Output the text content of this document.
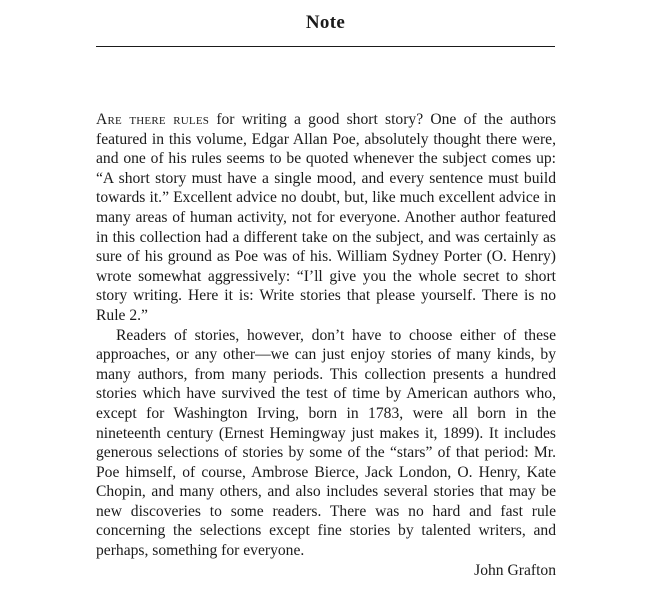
Note

Are there rules for writing a good short story? One of the authors featured in this volume, Edgar Allan Poe, absolutely thought there were, and one of his rules seems to be quoted whenever the subject comes up: “A short story must have a single mood, and every sentence must build towards it.” Excellent advice no doubt, but, like much excellent advice in many areas of human activity, not for everyone. Another author featured in this collection had a different take on the subject, and was certainly as sure of his ground as Poe was of his. William Sydney Porter (O. Henry) wrote somewhat aggressively: “I’ll give you the whole secret to short story writing. Here it is: Write stories that please yourself. There is no Rule 2.”

Readers of stories, however, don’t have to choose either of these approaches, or any other—we can just enjoy stories of many kinds, by many authors, from many periods. This collection presents a hundred stories which have survived the test of time by American authors who, except for Washington Irving, born in 1783, were all born in the nineteenth century (Ernest Hemingway just makes it, 1899). It includes generous selections of stories by some of the “stars” of that period: Mr. Poe himself, of course, Ambrose Bierce, Jack London, O. Henry, Kate Chopin, and many others, and also includes several stories that may be new discoveries to some readers. There was no hard and fast rule concerning the selections except fine stories by talented writers, and perhaps, something for everyone.

John Grafton
